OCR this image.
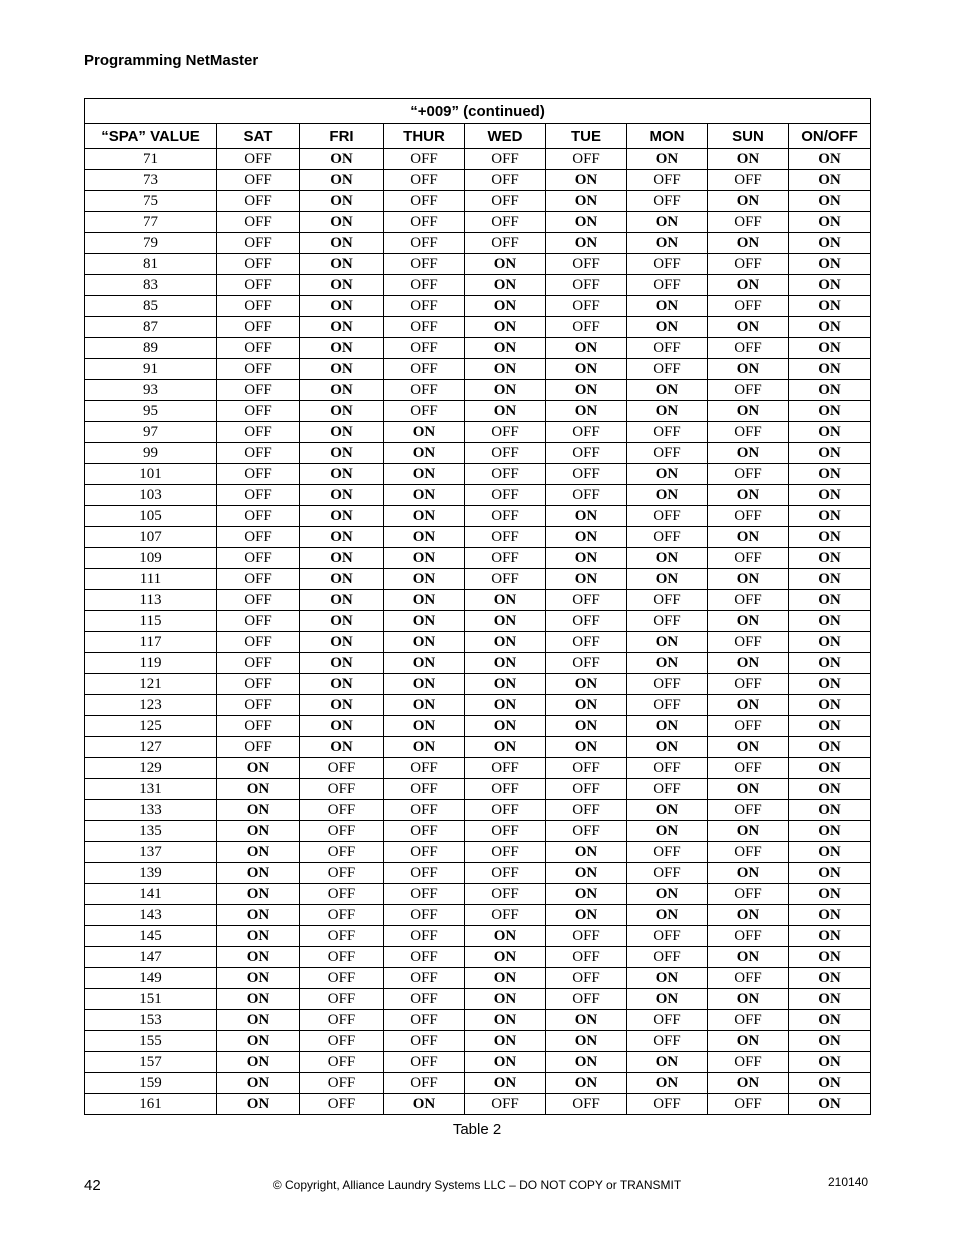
Programming NetMaster
“+009” (continued)								
“SPA” VALUE	SAT	FRI	THUR	WED	TUE	MON	SUN	ON/OFF
71	OFF	ON	OFF	OFF	OFF	ON	ON	ON
73	OFF	ON	OFF	OFF	ON	OFF	OFF	ON
75	OFF	ON	OFF	OFF	ON	OFF	ON	ON
77	OFF	ON	OFF	OFF	ON	ON	OFF	ON
79	OFF	ON	OFF	OFF	ON	ON	ON	ON
81	OFF	ON	OFF	ON	OFF	OFF	OFF	ON
83	OFF	ON	OFF	ON	OFF	OFF	ON	ON
85	OFF	ON	OFF	ON	OFF	ON	OFF	ON
87	OFF	ON	OFF	ON	OFF	ON	ON	ON
89	OFF	ON	OFF	ON	ON	OFF	OFF	ON
91	OFF	ON	OFF	ON	ON	OFF	ON	ON
93	OFF	ON	OFF	ON	ON	ON	OFF	ON
95	OFF	ON	OFF	ON	ON	ON	ON	ON
97	OFF	ON	ON	OFF	OFF	OFF	OFF	ON
99	OFF	ON	ON	OFF	OFF	OFF	ON	ON
101	OFF	ON	ON	OFF	OFF	ON	OFF	ON
103	OFF	ON	ON	OFF	OFF	ON	ON	ON
105	OFF	ON	ON	OFF	ON	OFF	OFF	ON
107	OFF	ON	ON	OFF	ON	OFF	ON	ON
109	OFF	ON	ON	OFF	ON	ON	OFF	ON
111	OFF	ON	ON	OFF	ON	ON	ON	ON
113	OFF	ON	ON	ON	OFF	OFF	OFF	ON
115	OFF	ON	ON	ON	OFF	OFF	ON	ON
117	OFF	ON	ON	ON	OFF	ON	OFF	ON
119	OFF	ON	ON	ON	OFF	ON	ON	ON
121	OFF	ON	ON	ON	ON	OFF	OFF	ON
123	OFF	ON	ON	ON	ON	OFF	ON	ON
125	OFF	ON	ON	ON	ON	ON	OFF	ON
127	OFF	ON	ON	ON	ON	ON	ON	ON
129	ON	OFF	OFF	OFF	OFF	OFF	OFF	ON
131	ON	OFF	OFF	OFF	OFF	OFF	ON	ON
133	ON	OFF	OFF	OFF	OFF	ON	OFF	ON
135	ON	OFF	OFF	OFF	OFF	ON	ON	ON
137	ON	OFF	OFF	OFF	ON	OFF	OFF	ON
139	ON	OFF	OFF	OFF	ON	OFF	ON	ON
141	ON	OFF	OFF	OFF	ON	ON	OFF	ON
143	ON	OFF	OFF	OFF	ON	ON	ON	ON
145	ON	OFF	OFF	ON	OFF	OFF	OFF	ON
147	ON	OFF	OFF	ON	OFF	OFF	ON	ON
149	ON	OFF	OFF	ON	OFF	ON	OFF	ON
151	ON	OFF	OFF	ON	OFF	ON	ON	ON
153	ON	OFF	OFF	ON	ON	OFF	OFF	ON
155	ON	OFF	OFF	ON	ON	OFF	ON	ON
157	ON	OFF	OFF	ON	ON	ON	OFF	ON
159	ON	OFF	OFF	ON	ON	ON	ON	ON
161	ON	OFF	ON	OFF	OFF	OFF	OFF	ON
Table 2
42	© Copyright, Alliance Laundry Systems LLC – DO NOT COPY or TRANSMIT	210140
